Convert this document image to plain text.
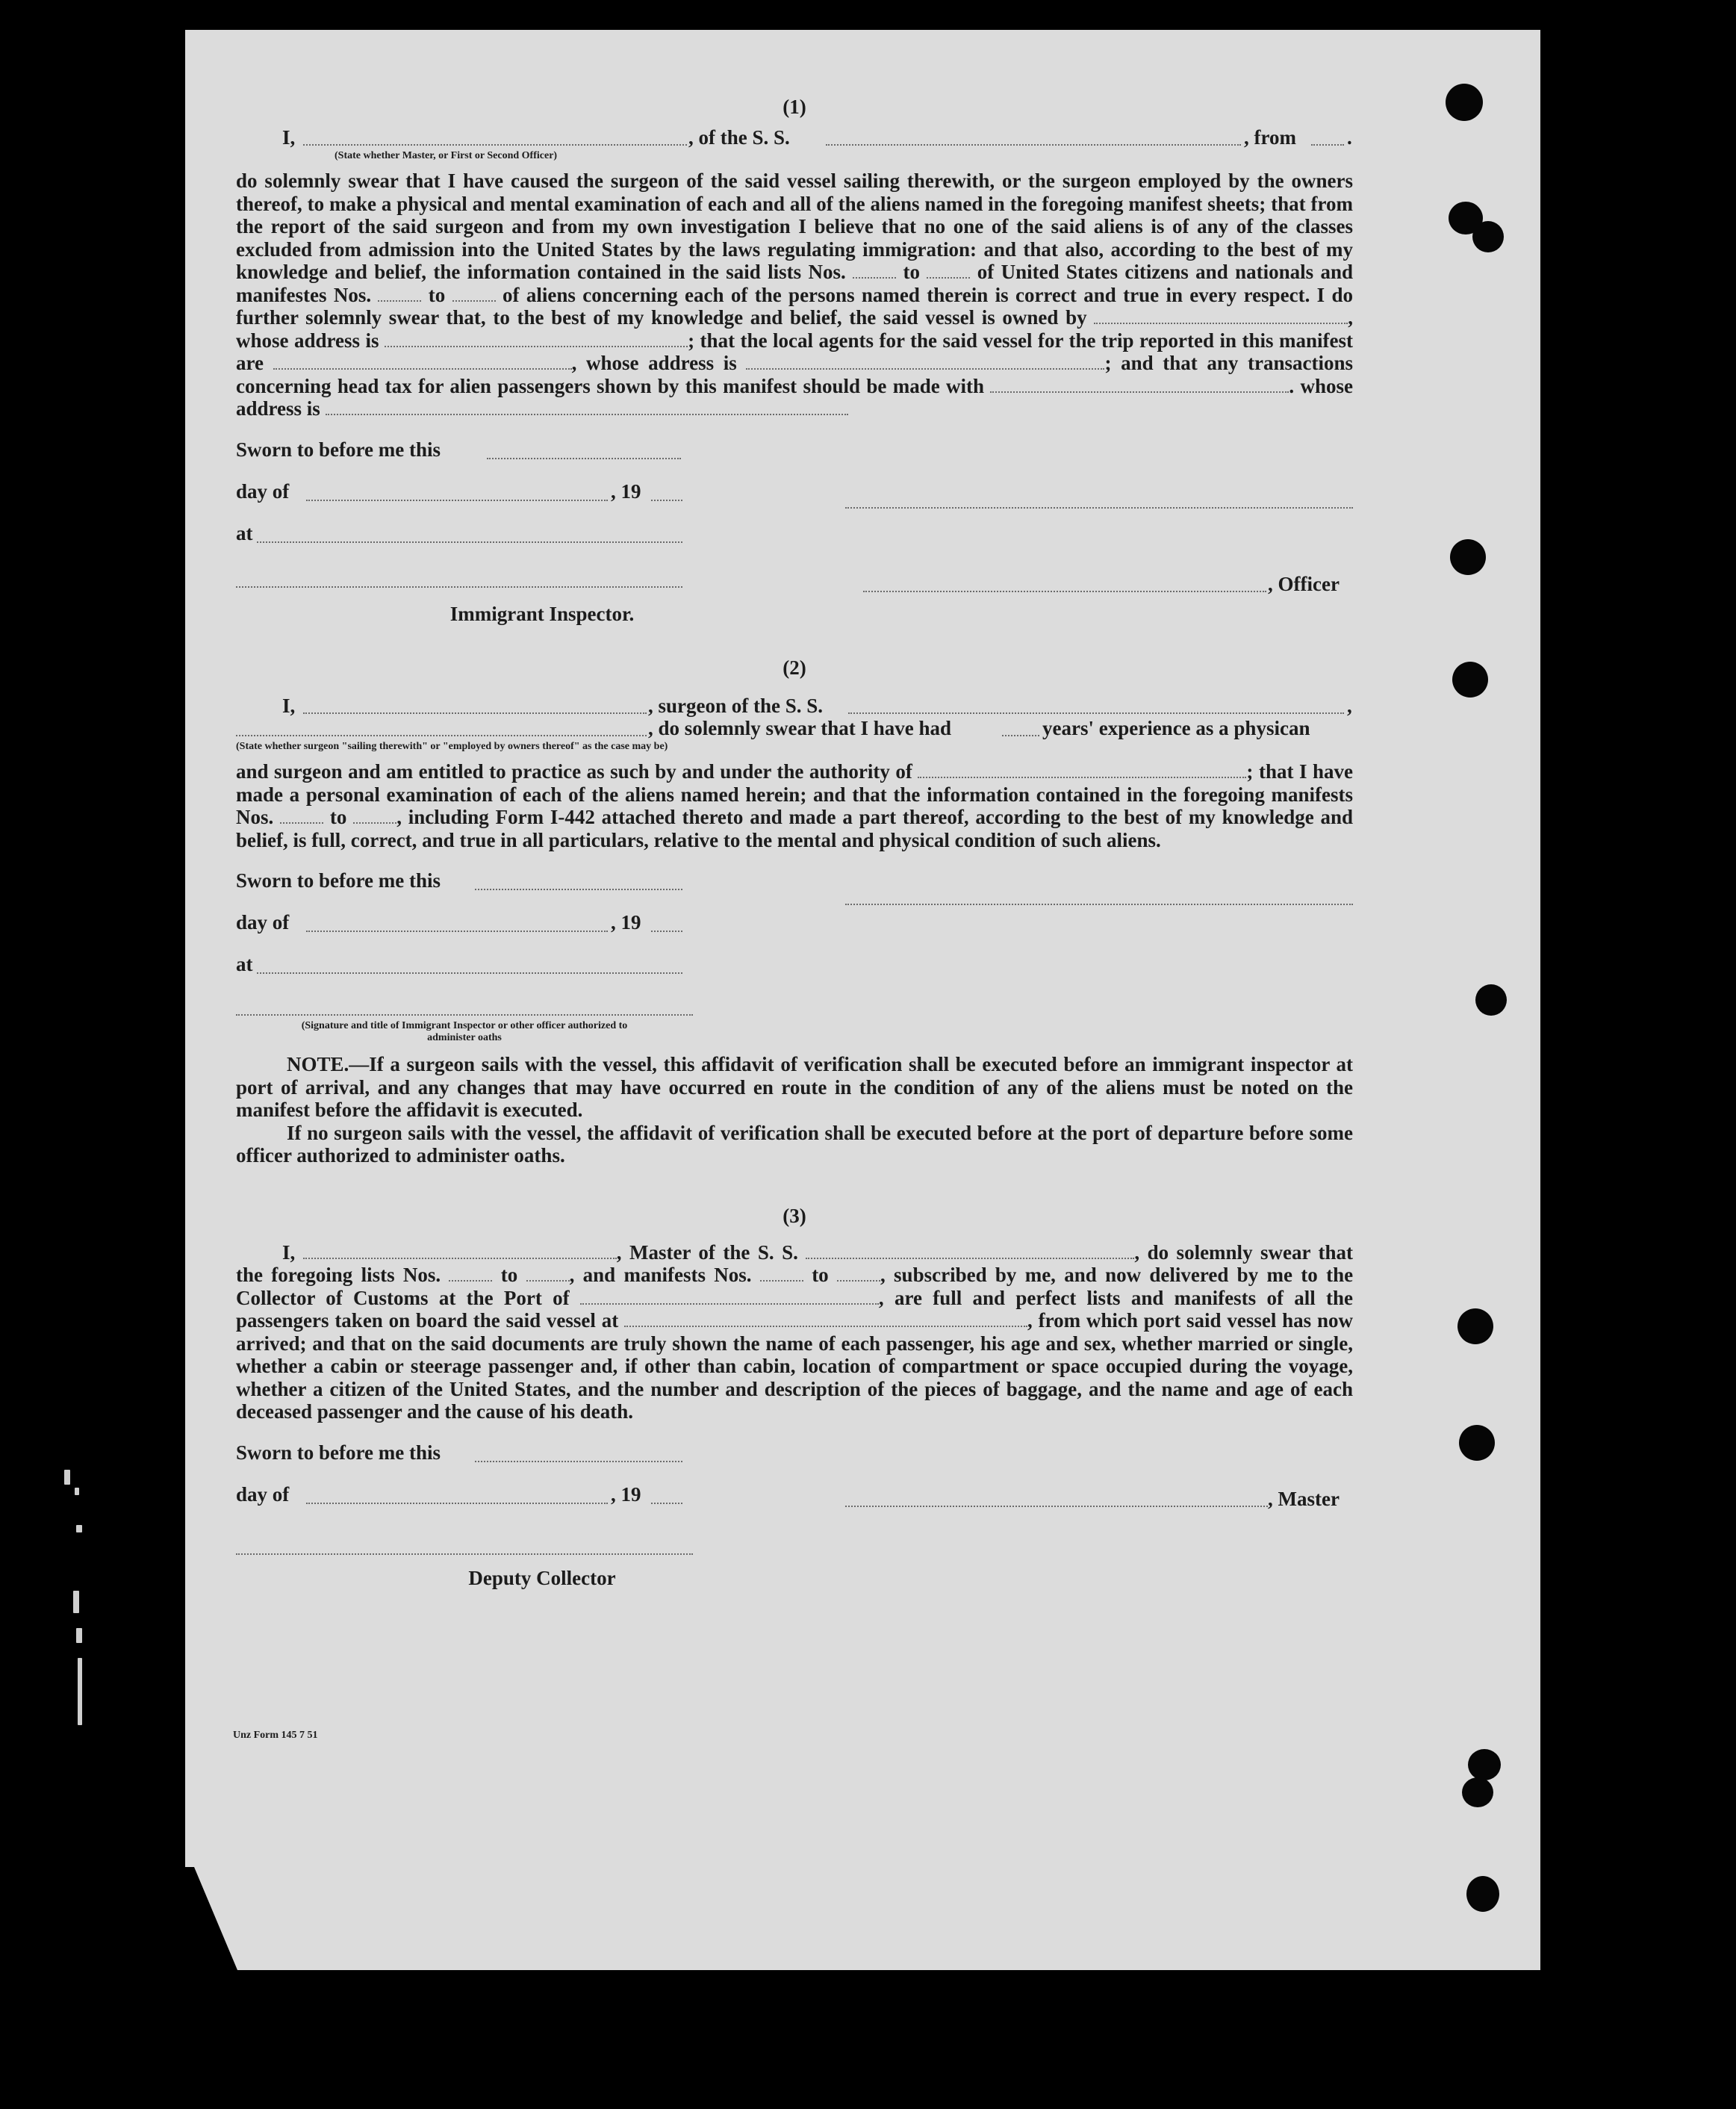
(1)

I,	, of the S. S.	, from	.
(State whether Master, or First or Second Officer)

do solemnly swear that I have caused the surgeon of the said vessel sailing therewith, or the surgeon employed by the owners thereof, to make a physical and mental examination of each and all of the aliens named in the foregoing manifest sheets; that from the report of the said surgeon and from my own investigation I believe that no one of the said aliens is of any of the classes excluded from admission into the United States by the laws regulating immigration: and that also, according to the best of my knowledge and belief, the information contained in the said lists Nos.	to	of United States citizens and nationals and manifestes Nos.	to	of aliens concerning each of the persons named therein is correct and true in every respect. I do further solemnly swear that, to the best of my knowledge and belief, the said vessel is owned by	, whose address is	; that the local agents for the said vessel for the trip reported in this manifest are	, whose address is	; and that any transactions concerning head tax for alien passengers shown by this manifest should be made with	. whose address is

Sworn to before me this
day of	, 19
at
, Officer

Immigrant Inspector.

(2)

I,	, surgeon of the S. S.	,
, do solemnly swear that I have had	years' experience as a physican
(State whether surgeon "sailing therewith" or "employed by owners thereof" as the case may be)

and surgeon and am entitled to practice as such by and under the authority of	; that I have made a personal examination of each of the aliens named herein; and that the information contained in the foregoing manifests Nos.	to , including Form I-442 attached thereto and made a part thereof, according to the best of my knowledge and belief, is full, correct, and true in all particulars, relative to the mental and physical condition of such aliens.

Sworn to before me this
day of	, 19
at
(Signature and title of Immigrant Inspector or other officer authorized to administer oaths

NOTE.—If a surgeon sails with the vessel, this affidavit of verification shall be executed before an immigrant inspector at port of arrival, and any changes that may have occurred en route in the condition of any of the aliens must be noted on the manifest before the affidavit is executed.

If no surgeon sails with the vessel, the affidavit of verification shall be executed before at the port of departure before some officer authorized to administer oaths.

(3)

I,	, Master of the S. S.	, do solemnly swear that the foregoing lists Nos.	to	, and manifests Nos.	to	, subscribed by me, and now delivered by me to the Collector of Customs at the Port of	, are full and perfect lists and manifests of all the passengers taken on board the said vessel at	, from which port said vessel has now arrived; and that on the said documents are truly shown the name of each passenger, his age and sex, whether married or single, whether a cabin or steerage passenger and, if other than cabin, location of compartment or space occupied during the voyage, whether a citizen of the United States, and the number and description of the pieces of baggage, and the name and age of each deceased passenger and the cause of his death.

Sworn to before me this
day of	, 19	, Master

Deputy Collector

Unz Form 145 7 51
